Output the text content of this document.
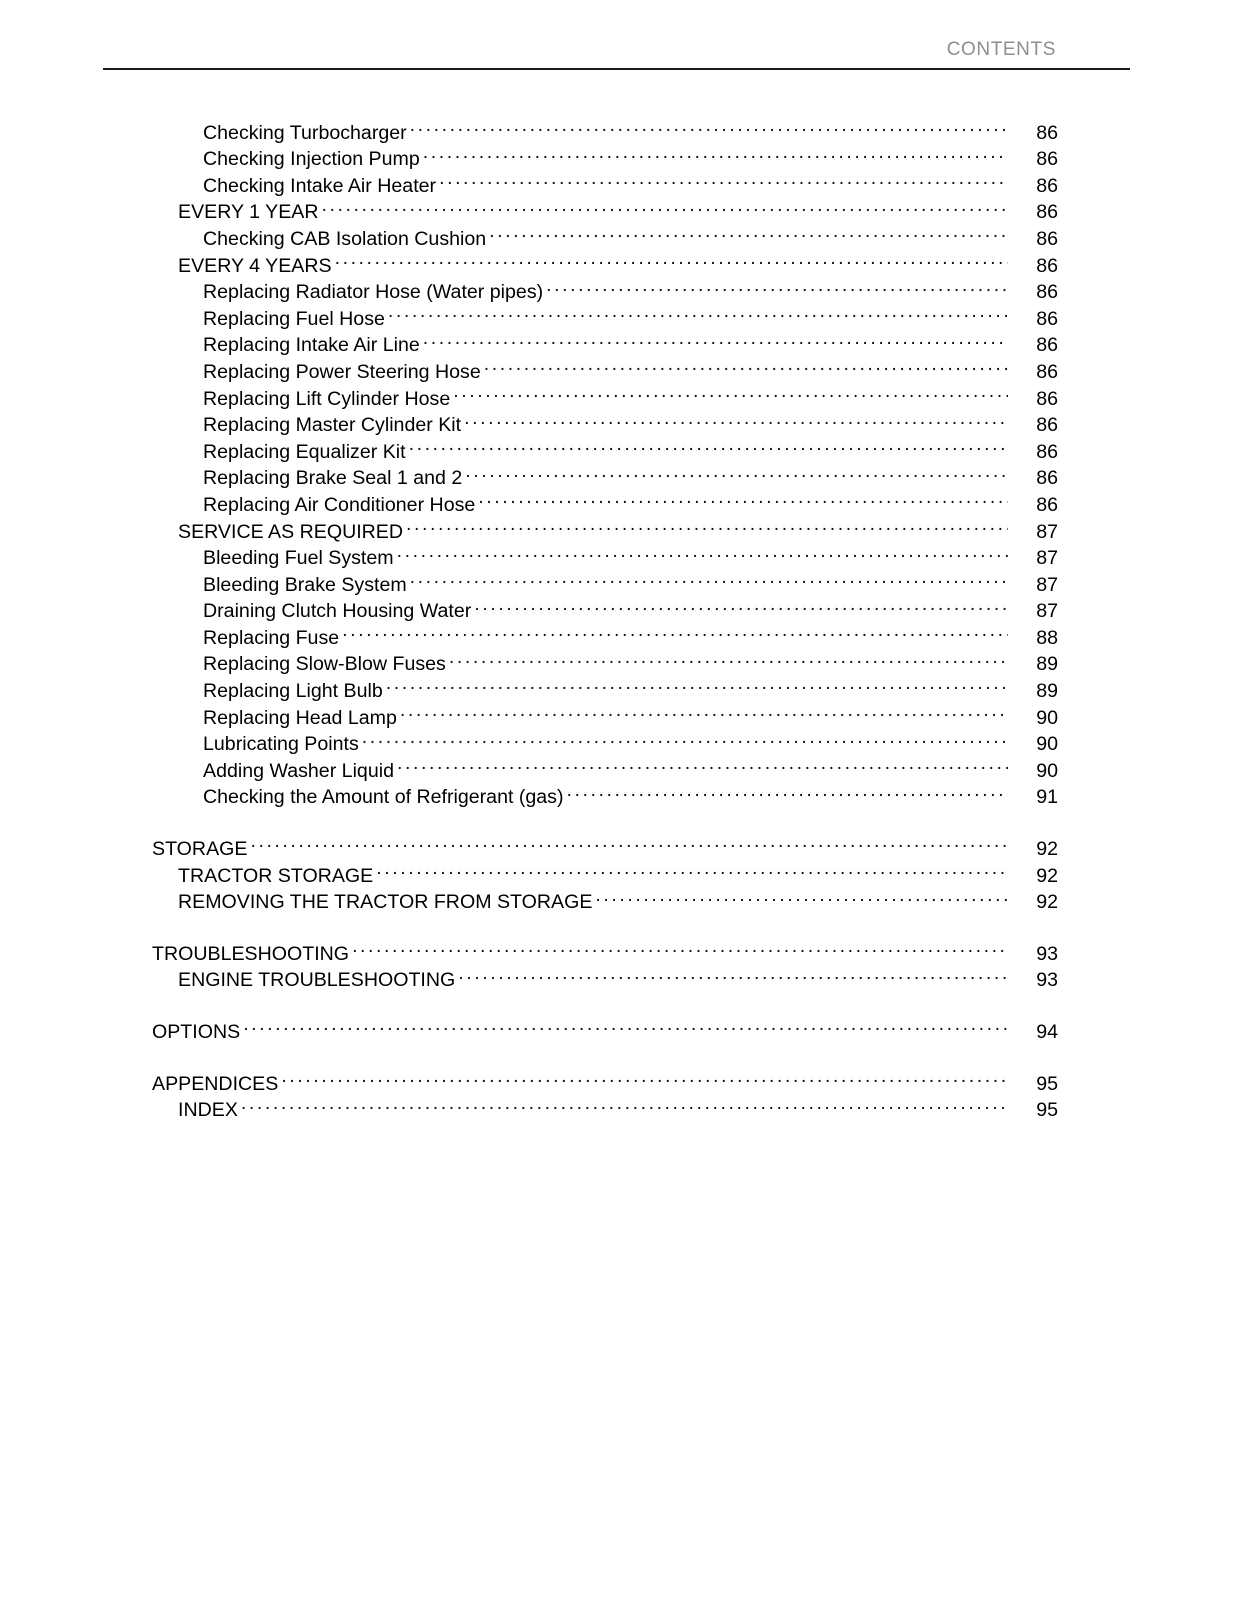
CONTENTS
Checking Turbocharger .....	86
Checking Injection Pump .....	86
Checking Intake Air Heater .....	86
EVERY 1 YEAR .....	86
Checking CAB Isolation Cushion .....	86
EVERY 4 YEARS .....	86
Replacing Radiator Hose (Water pipes) .....	86
Replacing Fuel Hose .....	86
Replacing Intake Air Line .....	86
Replacing Power Steering Hose .....	86
Replacing Lift Cylinder Hose .....	86
Replacing Master Cylinder Kit .....	86
Replacing Equalizer Kit .....	86
Replacing Brake Seal 1 and 2 .....	86
Replacing Air Conditioner Hose .....	86
SERVICE AS REQUIRED .....	87
Bleeding Fuel System .....	87
Bleeding Brake System .....	87
Draining Clutch Housing Water .....	87
Replacing Fuse .....	88
Replacing Slow-Blow Fuses .....	89
Replacing Light Bulb .....	89
Replacing Head Lamp .....	90
Lubricating Points .....	90
Adding Washer Liquid .....	90
Checking the Amount of Refrigerant (gas) .....	91
STORAGE .....	92
TRACTOR STORAGE .....	92
REMOVING THE TRACTOR FROM STORAGE .....	92
TROUBLESHOOTING .....	93
ENGINE TROUBLESHOOTING .....	93
OPTIONS .....	94
APPENDICES .....	95
INDEX .....	95
